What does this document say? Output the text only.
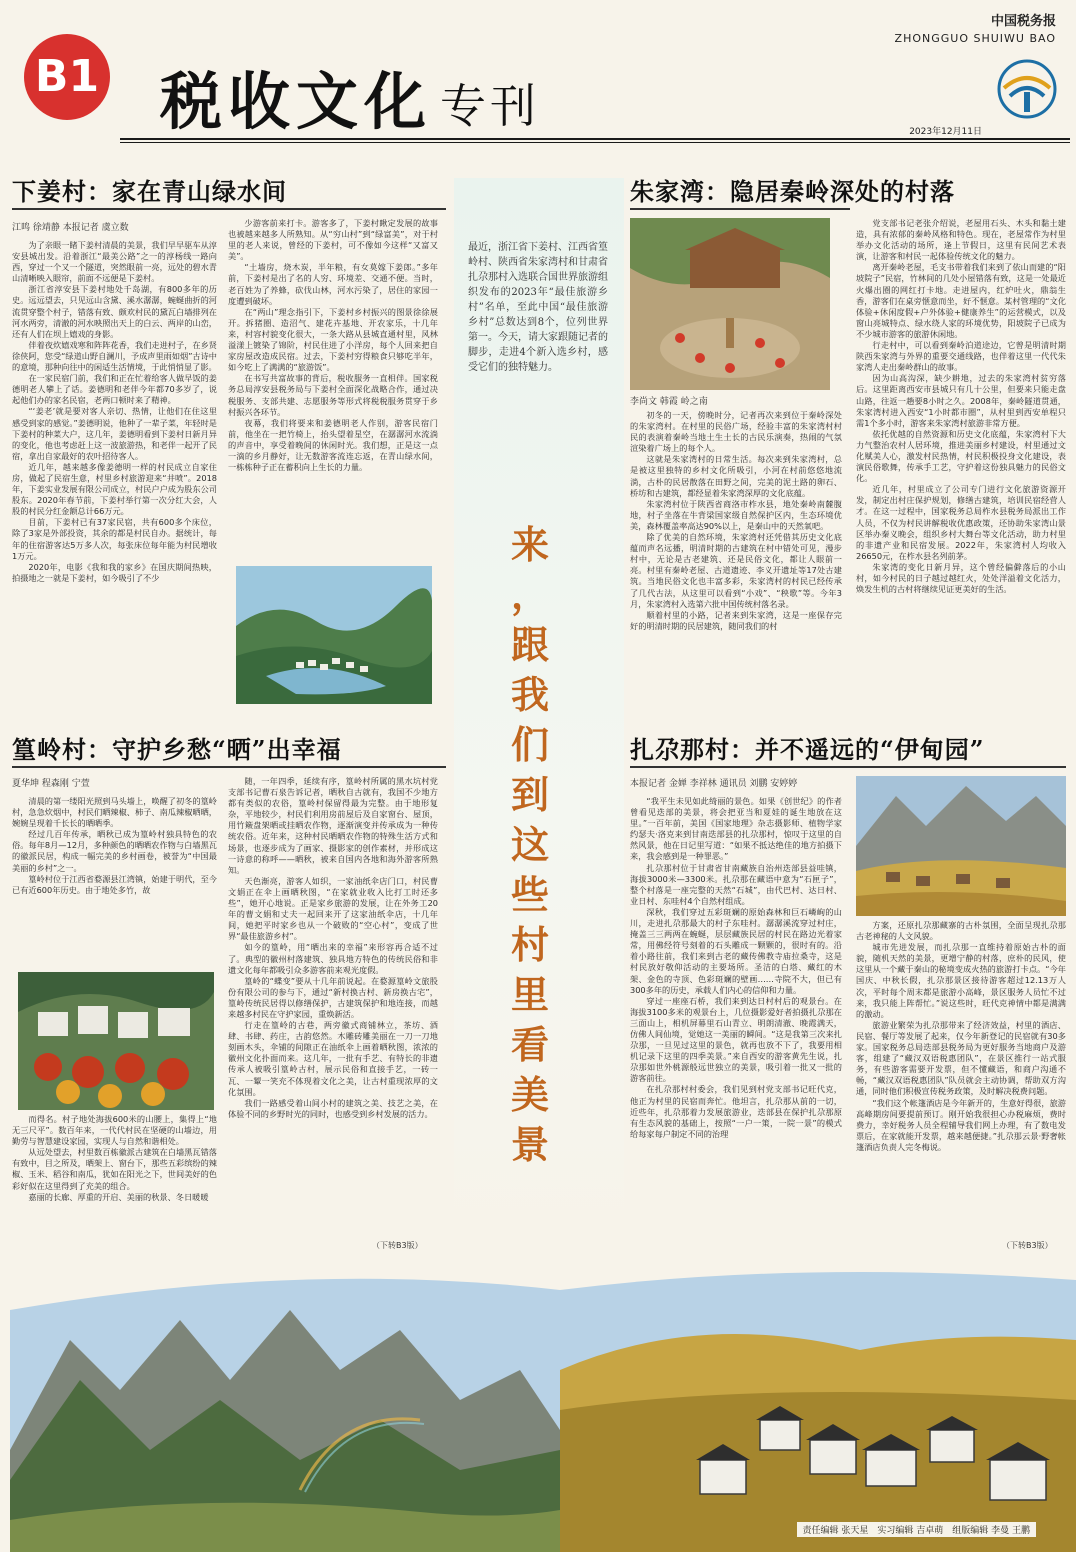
B1 税收文化 专刊
中国税务报
ZHONGGUO SHUIWU BAO
2023年12月11日
下姜村：家在青山绿水间
江鸣 徐靖静 本报记者 虞立数

为了亲眼一睹下姜村清晨的美景，我们早早驱车从淳安县城出发。沿着浙江“最美公路”之一的淳杨线一路向西，穿过一个又一个隧道，突然眼前一亮，远处的碧水青山清晰映入眼帘，前面不远便是下姜村。

浙江省淳安县下姜村地处千岛湖，有800多年的历史。远远望去，只见远山含黛、溪水潺潺，蜿蜒曲折的河流贯穿整个村子，错落有致、颇欢村民的黛瓦白墙排列在河水两旁，清澈的河水映照出天上的白云、两岸的山峦，还有人们在坝上嬉戏的身影。

伴着夜炊嬉戏寒和阵阵花香，我们走进村子，在乡贤徐侠阿，您受“绿道山野自澜川，予成声里雨如烟”古诗中的意境，那种向往中的闲适生活情境，于此悄悄显了影。

在一家民宿门前，我们和正在忙着给客人做早饭的姜德明老人攀上了话。姜德明和老伴今年都70多岁了，说起他们办的家名民宿，老两口顿时来了精神。

“‘姜老’就是要对客人亲切、热情，让他们在住这里感受到家的感觉。”姜德明说，他种了一辈子菜，年轻时是下姜村的种菜大户，这几年，姜德明看到下姜村日新月异的变化，他也考虑赶上这一波旅游热，和老伴一起开了民宿，拿出自家最好的农叶招待客人。

近几年，越来越多像姜德明一样的村民成立自家住房，做起了民宿生意，村里乡村旅游迎来“井喷”。2018年，下姜实业发展有限公司成立，村民户户成为股东公司股东。2020年春节前，下姜村举行第一次分红大会，人股的村民分红金额总计66万元。

目前，下姜村已有37家民宿，共有600多个床位，除了3家是外部投资，其余的都是村民自办。据统计，每年的住宿游客达5万多人次，每张床位每年能为村民增收1万元。

2020年，电影《我和我的家乡》在国庆期间热映，拍摄地之一就是下姜村，如今吸引了不少

少游客前来打卡。游客多了，下姜村瞅定发展的故事也被越来越多人所熟知。从“穷山村”到“绿富美”，对于村里的老人来说，曾经的下姜村，可不像如今这样“又富又美”。

“土墙房，烧木炭，半年粮，有女莫嫁下姜郎。”多年前，下姜村是出了名的人穷、环境差、交通不便。当时，老百姓为了养蜂，砍伐山林，河水污染了，居住的家园一度遭到破坏。

在“两山”理念指引下，下姜村乡村振兴的图景徐徐展开。拆猪圈、造沼气、建花卉基地、开农家乐，十几年来，村容村貌变化很大，一条大路从县城直通村里，风林溢漾上镀染了锦阶，村民住进了小洋房，每个人回来把自家房屋改造成民宿。过去，下姜村穷得粮食只够吃半年，如今吃上了满满的“旅游饭”。

在书写共富故事的背后，税收服务一直相伴。国家税务总局淳安县税务局与下姜村全面深化战略合作，通过决税服务、支部共建、志愿服务等形式将税税服务贯穿于乡村振兴各环节。

夜幕，我们将要来和姜德明老人作别，游客民宿门前，他坐在一把竹椅上，抬头望着星空，在潺潺河水流淌的声音中，享受着晚间的休闲时光。我们想，正是这一点一滴的乡月静好，让无数游客流连忘返，在青山绿水间，一栋栋种子正在蓄积向上生长的力量。

篁岭村：守护乡愁“晒”出幸福
夏华坤 程森刚 宁萱

清晨的第一缕阳光照到马头墙上，唤醒了初冬的篁岭村，急急炊烟中，村民们晒辣椒、柿子、南瓜辣椒晒晒，婉婉呈现着千长长的晒晒季。

经过几百年传承，晒秋已成为篁岭村独具特色的农俗。每年8月—12月，多种颜色的晒晒农作物与白墙黑瓦的徽派民居，构成一幅完美的乡村画卷，被誉为“中国最美丽的乡村”之一。

篁岭村位于江西省婺源县江湾镇，始建于明代，至今已有近600年历史。由于地处多竹，故

而得名。村子地处海拔600米的山腰上，集得上“地无三尺平”。数百年来，一代代村民在坚硬的山墙边，用勤劳与智慧建设家园，实现人与自然和谐相处。

从远处望去，村里数百栋徽派古建筑在白墙黑瓦错落有致中，目之所及，晒架上、窗台下，那些五彩缤纷的辣椒、玉米、稻谷和南瓜，犹如在阳光之下，世间美好的色彩好似在这里得到了充美的组合。

嘉丽的长廊、厚重的开启、美丽的秋景、冬日暖暖

随，一年四季，延续有序，篁岭村所属的黑水坑村党支部书记曹石泉告诉记者，晒秋自古就有，我国不少地方都有类似的农俗，篁岭村保留得最为完整。由于地形复杂，平地较少，村民们利用房前屋后及自家窗台、屋顶，用竹簸盘架晒或挂晒农作物，逐渐演变并传承成为一种传统农俗。近年来，这种村民晒晒农作物的特殊生活方式和场景，也逐步成为了画家、摄影家的创作素材，并形成这一诗意的称呼——晒秋，被来自国内各地和海外游客所熟知。

天色渐亮，游客人如织，一家油纸伞店门口，村民曹文娟正在伞上画晒秋图，“在家就业收入比打工时还多些”，她开心地说。正是家乡旅游的发展，让在外务工20年的曹文娟和丈夫一起回来开了这家油纸伞店，十几年间，她把平时家乡也从一个破败的“空心村”，变成了世界“最佳旅游乡村”。

如今的篁岭，用“晒出来的幸福”来形容再合适不过了。典型的徽州村落建筑、独具地方特色的传统民俗和非遗文化每年都吸引众多游客前来观光度假。

篁岭的“蝶变”要从十几年前说起。在婺源篁岭文旅股份有限公司的参与下，通过“新村换古村、新房换古宅”，篁岭传统民居得以修缮保护，古建筑保护和地连接，而越来越多村民在守护家园，重焕新活。

行走在篁岭的古巷，两旁徽式商铺林立，茶坊、酒肆、书肆、药庄，古韵悠然。木雕砖雕美丽在一刀一刀地刻画木头，伞铺的间隙正在油纸伞上画着晒秋图，浓浓的徽州文化扑面而来。这几年，一批有手艺、有特长的非遗传承人被吸引篁岭古村，展示民俗和直接手艺，一砖一瓦、一颦一笑充不体现着文化之美，让古村重现浓厚的文化氛围。

我们一路感受着山间小村的建筑之美、技艺之美，在体验不同的乡野时光的同时，也感受到乡村发展的活力。

（下转B3版）
最近，浙江省下姜村、江西省篁岭村、陕西省朱家湾村和甘肃省扎尕那村入选联合国世界旅游组织发布的2023年“最佳旅游乡村”名单，至此中国“最佳旅游乡村”总数达到8个，位列世界第一。今天，请大家跟随记者的脚步，走进4个新入选乡村，感受它们的独特魅力。
来
，
跟
我
们
到
这
些
村
里
看
美
景
朱家湾：隐居秦岭深处的村落
李尚文 韩霞 岭之南

初冬的一天，傍晚时分，记者再次来到位于秦岭深处的朱家湾村。在村里的民俗广场，经验丰富的朱家湾村村民的表演着秦岭当地土生土长的古民乐演奏，热闹的气氛渲染着广场上的每个人。

这就是朱家湾村的日常生活。每次来到朱家湾村，总是被这里独特的乡村文化所吸引，小河在村前悠悠地流淌，古朴的民居散落在田野之间，完美的泥土路的卵石、桥坊和古建筑，都经显着朱家湾深厚的文化底蕴。

朱家湾村位于陕西省商洛市柞水县，地处秦岭南麓腹地，村子坐落在牛背梁国家级自然保护区内，生态环境优美，森林覆盖率高达90%以上，是秦山中的天然氧吧。

除了优美的自然环境，朱家湾村还凭借其历史文化底蕴而声名远播，明清时期的古建筑在村中错处可见，漫步村中，无论是古老建筑、还是民俗文化，都让人眼前一亮。村里有秦岭老屋、古道遗迹、李义开遗址等17处古建筑。当地民俗文化也丰富多彩，朱家湾村的村民已经传承了几代古法，从这里可以看到“小戏”、“秧歌”等。今年3月，朱家湾村入选第六批中国传统村落名录。

顺着村里的小路，记者来到朱家湾，这是一座保存完好的明清时期的民居建筑，随同我们的村

党支部书记老张介绍说，老屋用石头、木头和黏土建造，具有浓郁的秦岭风格和特色。现在，老屋常作为村里举办文化活动的场所，逢上节假日，这里有民间艺术表演，让游客和村民一起体验传统文化的魅力。

离开秦岭老屋，毛支书带着我们来到了依山而建的“阳坡院子”民宿，竹林间的几处小屋错落有致，这是一处最近火爆出圈的网红打卡地。走进屋内，红炉吐火，鼎翁生香，游客们在桌旁惬意而坐，好不惬意。某村管理的“文化体验+休闲度假+户外体验+健康养生”的运营模式，以及窗山亮城特点、绿水绕人家的环境优势，阳坡院子已成为不少城市游客的旅游休闲地。

行走村中，可以看到秦岭泊道途边，它曾是明清时期陕西朱家湾与外界的重要交通线路，也伴着这里一代代朱家湾人走出秦岭群山的故事。

因为山高沟深，缺少耕地，过去的朱家湾村贫穷落后。这里距离西安市县城只有几十公里，但要来只能走盘山路，往返一趟要8小时之久。2008年，秦岭隧道贯通，朱家湾村进入西安“1小时都市圈”，从村里到西安单程只需1个多小时，游客来朱家湾村旅游非常方便。

依托优越的自然资源和历史文化底蕴，朱家湾村下大力气整治农村人居环境，推进美丽乡村建设，村里通过文化赋美人心，激发村民热情，村民积极投身文化建设，表演民俗歌舞，传承手工艺，守护着这份独具魅力的民俗文化。

近几年，村里成立了公司专门进行文化旅游资源开发，制定出村庄保护规划，修缮古建筑，培训民宿经营人才。在这一过程中，国家税务总局柞水县税务局派出工作人员，不仅为村民讲解税收优惠政策，还协助朱家湾山景区举办秦义晚会，组织乡村大舞台等文化活动，助力村里的非遗产业和民宿发展。2022年，朱家湾村人均收入26650元，在柞水县名列前茅。

朱家湾的变化日新月异，这个曾经偏僻落后的小山村，如今村民的日子越过越红火，处处洋溢着文化活力，焕发生机的古村将继续见证更美好的生活。

扎尕那村：并不遥远的“伊甸园”
本报记者 金婵 李祥林 通讯员 刘鹏 安婷婷

“我平生未见如此绮丽的景色。如果《创世纪》的作者曾看见迭部的美景，将会把亚当和夏娃的诞生地放在这里。”一百年前，美国《国家地理》杂志摄影师、植物学家约瑟夫·洛克来到甘南迭部县的扎尕那村，惊叹于这里的自然风景，他在日记里写道：“如果不抵达绝佳的地方拍摄下来，我会感到是一种罪恶。”

扎尕那村位于甘肃省甘南藏族自治州迭部县益哇镇，海拔3000米—3300米。扎尕那在藏语中意为“石匣子”，整个村落是一座完整的天然“石城”，由代巴村、达日村、业日村、东哇村4个自然村组成。

深秋，我们穿过五彩斑斓的原始森林和巨石嶙峋的山川，走进扎尕那最大的村子东哇村。潺潺溪流穿过村庄，掩盖三三两两在蜿蜒，层层藏族民居的村民在路边光着家常，用佛经符号刻着的石头雕成一颗颗的，很时有的。沿着小路往前，我们来到古老的藏传佛教寺庙拉桑寺，这是村民放好敬仰活动的主要场所。圣洁的白塔、藏红的木架、金色的寺顶、色彩斑斓的壁画……寺院不大，但已有300多年的历史，承载人们内心的信仰和力量。

穿过一座座石桥，我们来到达日村村后的观景台。在海拔3100多米的观景台上，几位摄影爱好者拍摄扎尕那在三面山上，相机屏幕里石山青立、明朗清澈、晚霞满天，仿佛人间仙境，觉她这一美丽的瞬间。“这是我第三次来扎尕那，一旦见过这里的景色，就再也放不下了，我要用相机记录下这里的四季美景。”来自西安的游客黄先生说，扎尕那如世外桃源般远世独立的美景，吸引着一批又一批的游客前往。

在扎尕那村村委会，我们见到村党支部书记旺代克，他正为村里的民宿而奔忙。他坦言，扎尕那从前的一切，近些年，扎尕那着力发展旅游业，迭部县在保护扎尕那原有生态风貌的基础上，按照“一户一策，一院一景”的模式给每家每户制定不同的治理

方案，还原扎尕那藏寨的古朴氛围，全面呈现扎尕那古老神秘的人文风貌。

城市先进发展，而扎尕那一直维持着原始古朴的面貌，随机天然的美景，更增宁静的村落，庶朴的民风，使这里从一个藏于秦山的秘境变成火热的旅游打卡点。“今年国庆、中秋长假，扎尕那景区接待游客超过12.13万人次，平时每个周末都是旅游小高峰，景区服务人员忙不过来，我只能上阵帮忙。”说这些时，旺代克神情中都是满满的激动。

旅游业繁荣为扎尕那带来了经济效益，村里的酒店、民宿、餐厅等发展了起来，仅今年新登记的民宿就有30多家。国家税务总局迭部县税务局为更好服务当地商户及游客，组建了“藏汉双语税惠团队”，在景区推行一站式服务，有些游客需要开发票，但不懂藏语，和商户沟通不畅，“藏汉双语税惠团队”队员就会主动协调，帮助双方沟通，同时他们积极宣传税务政策，及时解决税费问题。

“我们这个帐篷酒店是今年新开的，生意好得很，旅游高峰期房间要提前预订。刚开始我很担心办税麻烦，费时费力，幸好税务人员全程辅导我们网上办理，有了数电发票后，在家就能开发票，越来越便捷。”扎尕那云景·野奢帐篷酒店负责人完冬梅说。

（下转B3版）
责任编辑 张天星　实习编辑 吉卓萌　组版编辑 李曼 王鹏
